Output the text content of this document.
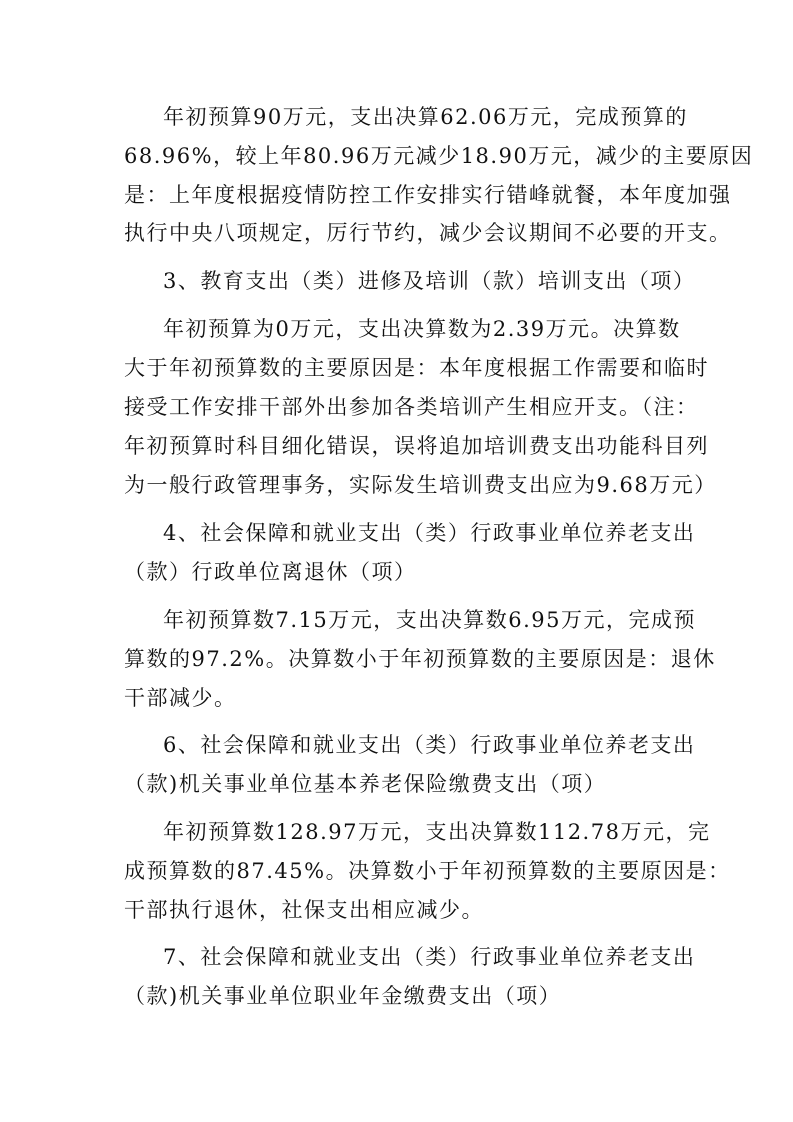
年初预算90万元，支出决算62.06万元，完成预算的
68.96%，较上年80.96万元减少18.90万元，减少的主要原因
是：上年度根据疫情防控工作安排实行错峰就餐，本年度加强
执行中央八项规定，厉行节约，减少会议期间不必要的开支。
3、教育支出（类）进修及培训（款）培训支出（项）
年初预算为0万元，支出决算数为2.39万元。决算数
大于年初预算数的主要原因是：本年度根据工作需要和临时
接受工作安排干部外出参加各类培训产生相应开支。（注：
年初预算时科目细化错误，误将追加培训费支出功能科目列
为一般行政管理事务，实际发生培训费支出应为9.68万元）
4、社会保障和就业支出（类）行政事业单位养老支出
（款）行政单位离退休（项）
年初预算数7.15万元，支出决算数6.95万元，完成预
算数的97.2%。决算数小于年初预算数的主要原因是：退休
干部减少。
6、社会保障和就业支出（类）行政事业单位养老支出
（款)机关事业单位基本养老保险缴费支出（项）
年初预算数128.97万元，支出决算数112.78万元，完
成预算数的87.45%。决算数小于年初预算数的主要原因是：
干部执行退休，社保支出相应减少。
7、社会保障和就业支出（类）行政事业单位养老支出
（款)机关事业单位职业年金缴费支出（项）
